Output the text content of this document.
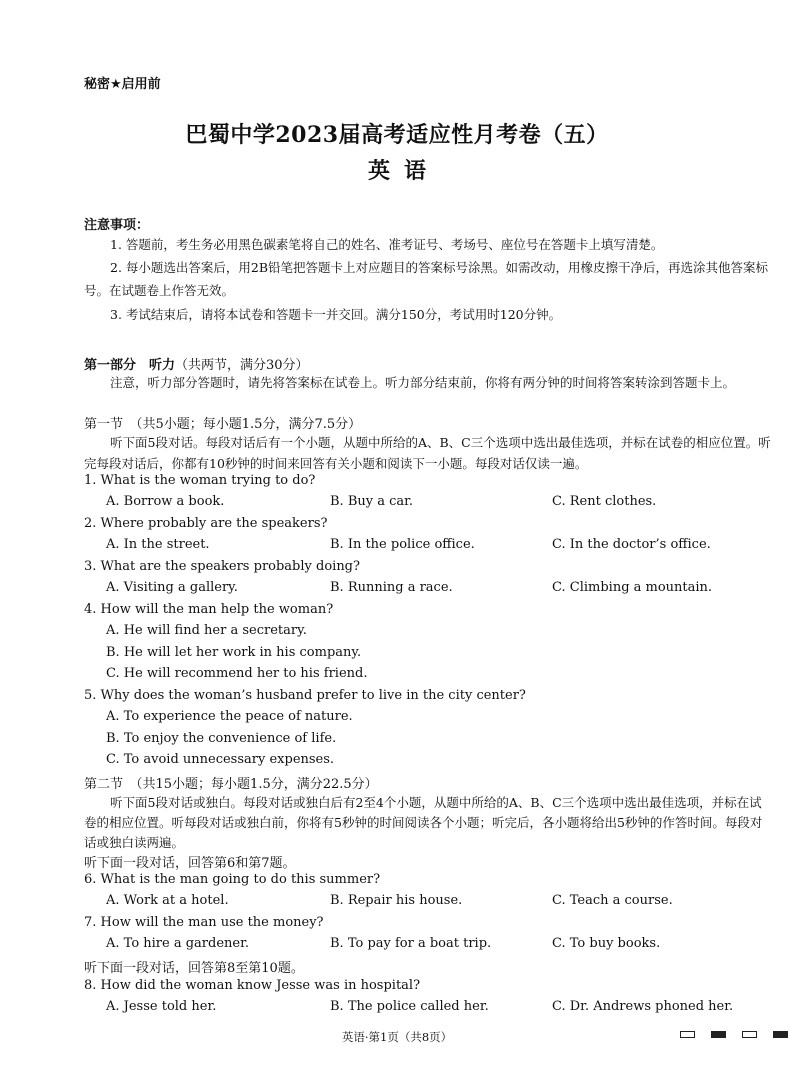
秘密★启用前
巴蜀中学2023届高考适应性月考卷（五）
英语
注意事项：
1. 答题前，考生务必用黑色碳素笔将自己的姓名、准考证号、考场号、座位号在答题卡上填写清楚。
2. 每小题选出答案后，用2B铅笔把答题卡上对应题目的答案标号涂黑。如需改动，用橡皮擦干净后，再选涂其他答案标号。在试题卷上作答无效。
3. 考试结束后，请将本试卷和答题卡一并交回。满分150分，考试用时120分钟。
第一部分　听力（共两节，满分30分）
注意，听力部分答题时，请先将答案标在试卷上。听力部分结束前，你将有两分钟的时间将答案转涂到答题卡上。
第一节　（共5小题；每小题1.5分，满分7.5分）
听下面5段对话。每段对话后有一个小题，从题中所给的A、B、C三个选项中选出最佳选项，并标在试卷的相应位置。听完每段对话后，你都有10秒钟的时间来回答有关小题和阅读下一小题。每段对话仅读一遍。
1. What is the woman trying to do?
A. Borrow a book.	B. Buy a car.	C. Rent clothes.
2. Where probably are the speakers?
A. In the street.	B. In the police office.	C. In the doctor’s office.
3. What are the speakers probably doing?
A. Visiting a gallery.	B. Running a race.	C. Climbing a mountain.
4. How will the man help the woman?
A. He will find her a secretary.
B. He will let her work in his company.
C. He will recommend her to his friend.
5. Why does the woman’s husband prefer to live in the city center?
A. To experience the peace of nature.
B. To enjoy the convenience of life.
C. To avoid unnecessary expenses.
第二节　（共15小题；每小题1.5分，满分22.5分）
听下面5段对话或独白。每段对话或独白后有2至4个小题，从题中所给的A、B、C三个选项中选出最佳选项，并标在试卷的相应位置。听每段对话或独白前，你将有5秒钟的时间阅读各个小题；听完后，各小题将给出5秒钟的作答时间。每段对话或独白读两遍。
听下面一段对话，回答第6和第7题。
6. What is the man going to do this summer?
A. Work at a hotel.	B. Repair his house.	C. Teach a course.
7. How will the man use the money?
A. To hire a gardener.	B. To pay for a boat trip.	C. To buy books.
听下面一段对话，回答第8至第10题。
8. How did the woman know Jesse was in hospital?
A. Jesse told her.	B. The police called her.	C. Dr. Andrews phoned her.
英语·第1页（共8页）
